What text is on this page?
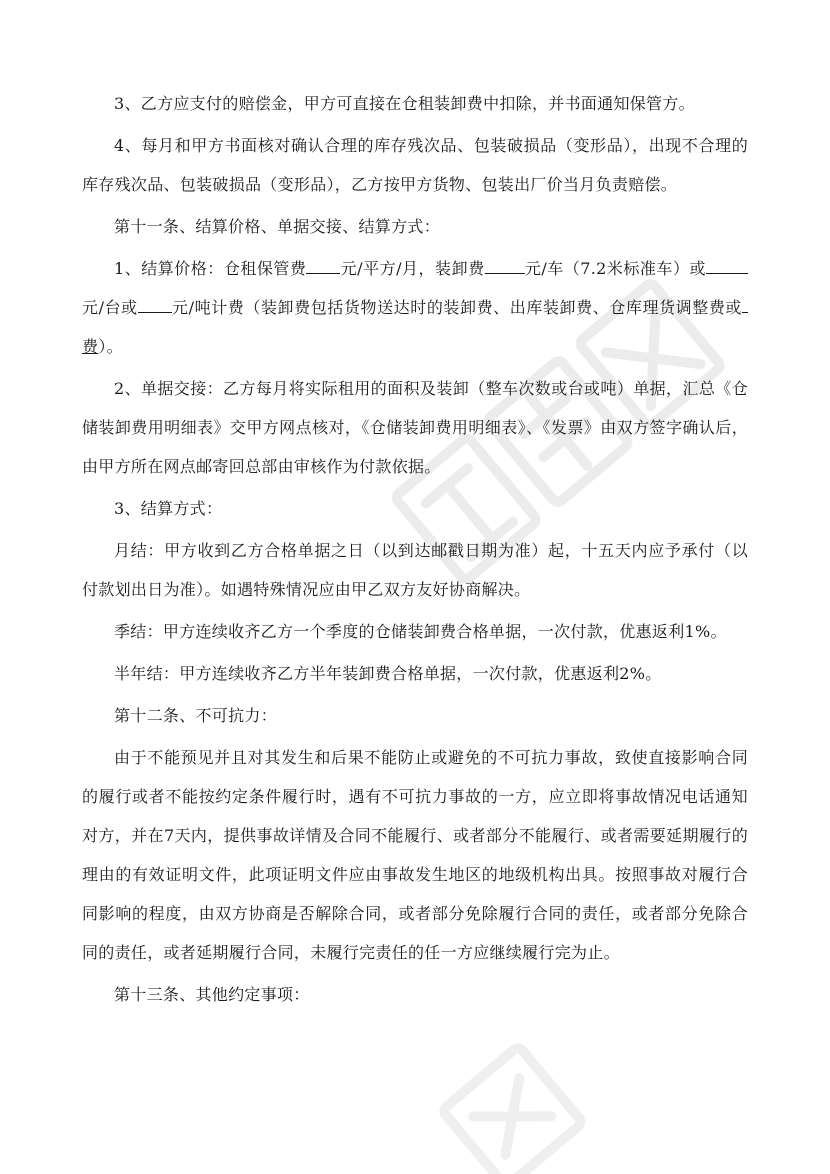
3、乙方应支付的赔偿金，甲方可直接在仓租装卸费中扣除，并书面通知保管方。

4、每月和甲方书面核对确认合理的库存残次品、包装破损品（变形品），出现不合理的库存残次品、包装破损品（变形品），乙方按甲方货物、包装出厂价当月负责赔偿。

第十一条、结算价格、单据交接、结算方式：

1、结算价格：仓租保管费 元/平方/月，装卸费	元/车（7.2米标准车）或元/台或 元/吨计费（装卸费包括货物送达时的装卸费、出库装卸费、仓库理货调整费或费）。

2、单据交接：乙方每月将实际租用的面积及装卸（整车次数或台或吨）单据，汇总《仓储装卸费用明细表》交甲方网点核对，《仓储装卸费用明细表》、《发票》由双方签字确认后，由甲方所在网点邮寄回总部由审核作为付款依据。

3、结算方式：

月结：甲方收到乙方合格单据之日（以到达邮戳日期为准）起，十五天内应予承付（以付款划出日为准）。如遇特殊情况应由甲乙双方友好协商解决。

季结：甲方连续收齐乙方一个季度的仓储装卸费合格单据，一次付款，优惠返利1%。

半年结：甲方连续收齐乙方半年装卸费合格单据，一次付款，优惠返利2%。

第十二条、不可抗力：

由于不能预见并且对其发生和后果不能防止或避免的不可抗力事故，致使直接影响合同的履行或者不能按约定条件履行时，遇有不可抗力事故的一方，应立即将事故情况电话通知对方，并在7天内，提供事故详情及合同不能履行、或者部分不能履行、或者需要延期履行的理由的有效证明文件，此项证明文件应由事故发生地区的地级机构出具。按照事故对履行合同影响的程度，由双方协商是否解除合同，或者部分免除履行合同的责任，或者部分免除合同的责任，或者延期履行合同，未履行完责任的任一方应继续履行完为止。

第十三条、其他约定事项：
